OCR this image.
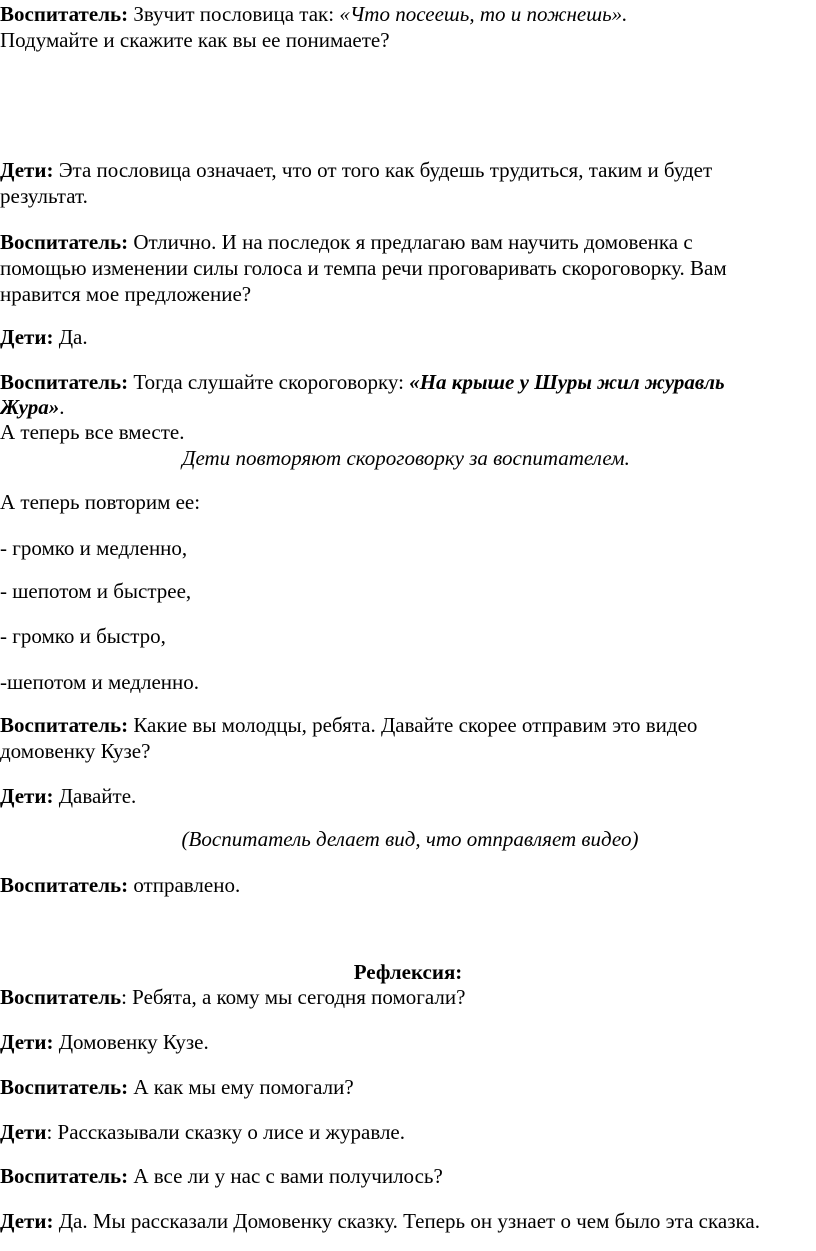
Воспитатель: Звучит пословица так: «Что посеешь, то и пожнешь».
Подумайте и скажите как вы ее понимаете?
Дети: Эта пословица означает, что от того как будешь трудиться, таким и будет
результат.
Воспитатель: Отлично. И на последок я предлагаю вам научить домовенка с
помощью изменении силы голоса и темпа речи проговаривать скороговорку. Вам
нравится мое предложение?
Дети: Да.
Воспитатель: Тогда слушайте скороговорку: «На крыше у Шуры жил журавль
Жура».
А теперь все вместе.
Дети повторяют скороговорку за воспитателем.
А теперь повторим ее:
- громко и медленно,
- шепотом и быстрее,
- громко и быстро,
-шепотом и медленно.
Воспитатель: Какие вы молодцы, ребята. Давайте скорее отправим это видео
домовенку Кузе?
Дети: Давайте.
(Воспитатель делает вид, что отправляет видео)
Воспитатель: отправлено.
Рефлексия:
Воспитатель: Ребята, а кому мы сегодня помогали?
Дети: Домовенку Кузе.
Воспитатель: А как мы ему помогали?
Дети: Рассказывали сказку о лисе и журавле.
Воспитатель: А все ли у нас с вами получилось?
Дети: Да. Мы рассказали Домовенку сказку. Теперь он узнает о чем было эта сказка.
